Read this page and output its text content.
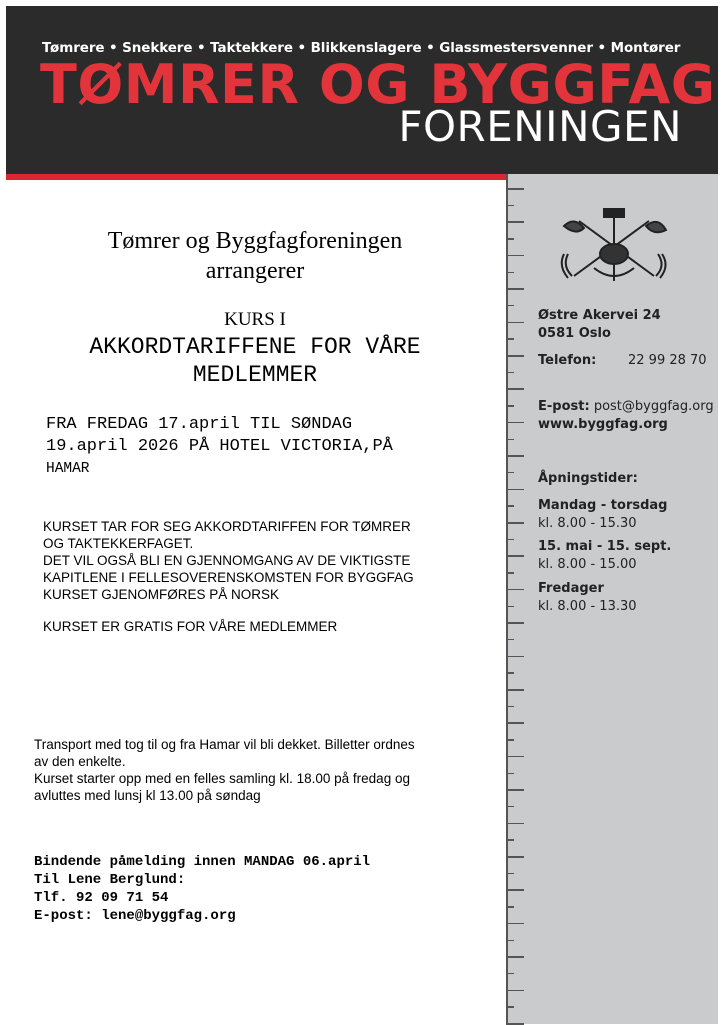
Tømrere • Snekkere • Taktekkere • Blikkenslagere • Glassmestersvenner • Montører
TØMRER OG BYGGFAG
FORENINGEN
Østre Akervei 24
0581 Oslo
Telefon: 22 99 28 70
E-post: post@byggfag.org
www.byggfag.org
Åpningstider:
Mandag - torsdag
kl. 8.00 - 15.30
15. mai - 15. sept.
kl. 8.00 - 15.00
Fredager
kl. 8.00 - 13.30
Tømrer og Byggfagforeningen
arrangerer
KURS I
AKKORDTARIFFENE FOR VÅRE
MEDLEMMER
FRA FREDAG 17.april TIL SØNDAG
19.april 2026 PÅ HOTEL VICTORIA,PÅ
HAMAR
KURSET TAR FOR SEG AKKORDTARIFFEN FOR TØMRER
OG TAKTEKKERFAGET.
DET VIL OGSÅ BLI EN GJENNOMGANG AV DE VIKTIGSTE
KAPITLENE I FELLESOVERENSKOMSTEN FOR BYGGFAG
KURSET GJENOMFØRES PÅ NORSK
KURSET ER GRATIS FOR VÅRE MEDLEMMER
Transport med tog til og fra Hamar vil bli dekket. Billetter ordnes
av den enkelte.
Kurset starter opp med en felles samling kl. 18.00 på fredag og
avluttes med lunsj kl 13.00 på søndag
Bindende påmelding innen MANDAG 06.april
Til Lene Berglund:
Tlf. 92 09 71 54
E-post: lene@byggfag.org
